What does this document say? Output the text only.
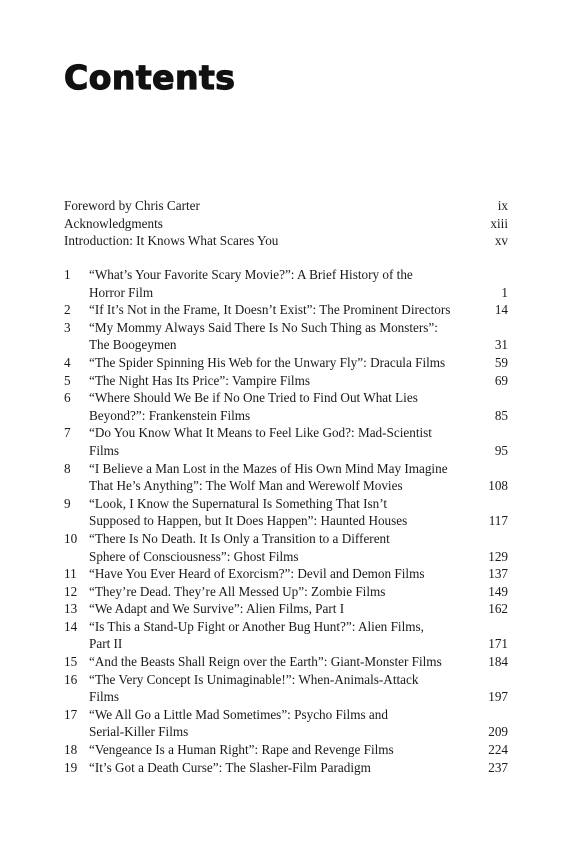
Contents
Foreword by Chris Carter	ix
Acknowledgments	xiii
Introduction: It Knows What Scares You	xv
1	“What’s Your Favorite Scary Movie?”: A Brief History of the
Horror Film	1
2	“If It’s Not in the Frame, It Doesn’t Exist”: The Prominent Directors	14
3	“My Mommy Always Said There Is No Such Thing as Monsters”:
The Boogeymen	31
4	“The Spider Spinning His Web for the Unwary Fly”: Dracula Films	59
5	“The Night Has Its Price”: Vampire Films	69
6	“Where Should We Be if No One Tried to Find Out What Lies
Beyond?”: Frankenstein Films	85
7	“Do You Know What It Means to Feel Like God?: Mad-Scientist
Films	95
8	“I Believe a Man Lost in the Mazes of His Own Mind May Imagine
That He’s Anything”: The Wolf Man and Werewolf Movies	108
9	“Look, I Know the Supernatural Is Something That Isn’t
Supposed to Happen, but It Does Happen”: Haunted Houses	117
10 “There Is No Death. It Is Only a Transition to a Different
Sphere of Consciousness”: Ghost Films	129
11 “Have You Ever Heard of Exorcism?”: Devil and Demon Films	137
12 “They’re Dead. They’re All Messed Up”: Zombie Films	149
13 “We Adapt and We Survive”: Alien Films, Part I	162
14 “Is This a Stand-Up Fight or Another Bug Hunt?”: Alien Films,
Part II	171
15 “And the Beasts Shall Reign over the Earth”: Giant-Monster Films	184
16 “The Very Concept Is Unimaginable!”: When-Animals-Attack
Films	197
17 “We All Go a Little Mad Sometimes”: Psycho Films and
Serial-Killer Films	209
18 “Vengeance Is a Human Right”: Rape and Revenge Films	224
19 “It’s Got a Death Curse”: The Slasher-Film Paradigm	237
